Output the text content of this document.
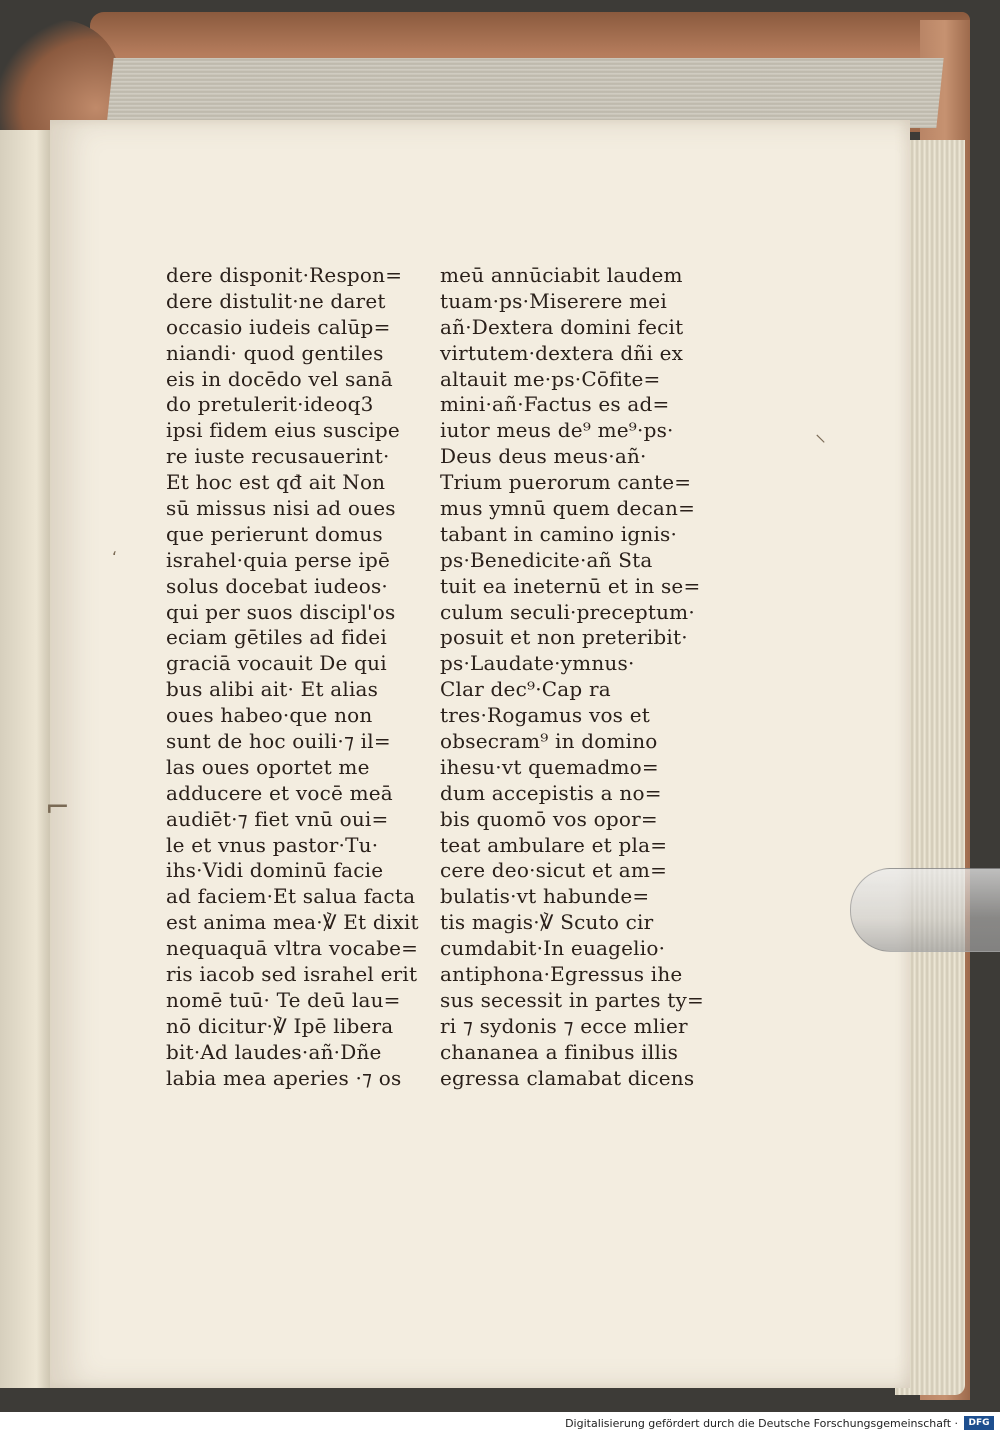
dere disponit·Respon=
dere distulit·ne daret
occasio iudeis calūp=
niandi· quod gentiles
eis in docēdo vel sanā
do pretulerit·ideoq3
ipsi fidem eius suscipe
re iuste recusauerint·
Et hoc est qđ ait Non
sū missus nisi ad oues
que perierunt domus
israhel·quia perse ipē
solus docebat iudeos·
qui per suos discipl'os
eciam gētiles ad fidei
graciā vocauit De qui
bus alibi ait· Et alias
oues habeo·que non
sunt de hoc ouili·⁊ il=
las oues oportet me
adducere et vocē meā
audiēt·⁊ fiet vnū oui=
le et vnus pastor·Tu·
ihs·Vidi dominū facie
ad faciem·Et salua facta
est anima mea·℣ Et dixit
nequaquā vltra vocabe=
ris iacob sed israhel erit
nomē tuū· Te deū lau=
nō dicitur·℣ Ipē libera
bit·Ad laudes·añ·Dñe
labia mea aperies ·⁊ os
meū annūciabit laudem
tuam·ps·Miserere mei
añ·Dextera domini fecit
virtutem·dextera dñi ex
altauit me·ps·Cōfite=
mini·añ·Factus es ad=
iutor meus de⁹ me⁹·ps·
Deus deus meus·añ·
Trium puerorum cante=
mus ymnū quem decan=
tabant in camino ignis·
ps·Benedicite·añ Sta
tuit ea ineternū et in se=
culum seculi·preceptum·
posuit et non preteribit·
ps·Laudate·ymnus·
Clar dec⁹·Cap ra
tres·Rogamus vos et
obsecram⁹ in domino
ihesu·vt quemadmo=
dum accepistis a no=
bis quomō vos opor=
teat ambulare et pla=
cere deo·sicut et am=
bulatis·vt habunde=
tis magis·℣ Scuto cir
cumdabit·In euagelio·
antiphona·Egressus ihe
sus secessit in partes ty=
ri ⁊ sydonis ⁊ ecce mlier
chananea a finibus illis
egressa clamabat dicens
ʻ
⌐
⸜
Digitalisierung gefördert durch die Deutsche Forschungsgemeinschaft ·	DFG
